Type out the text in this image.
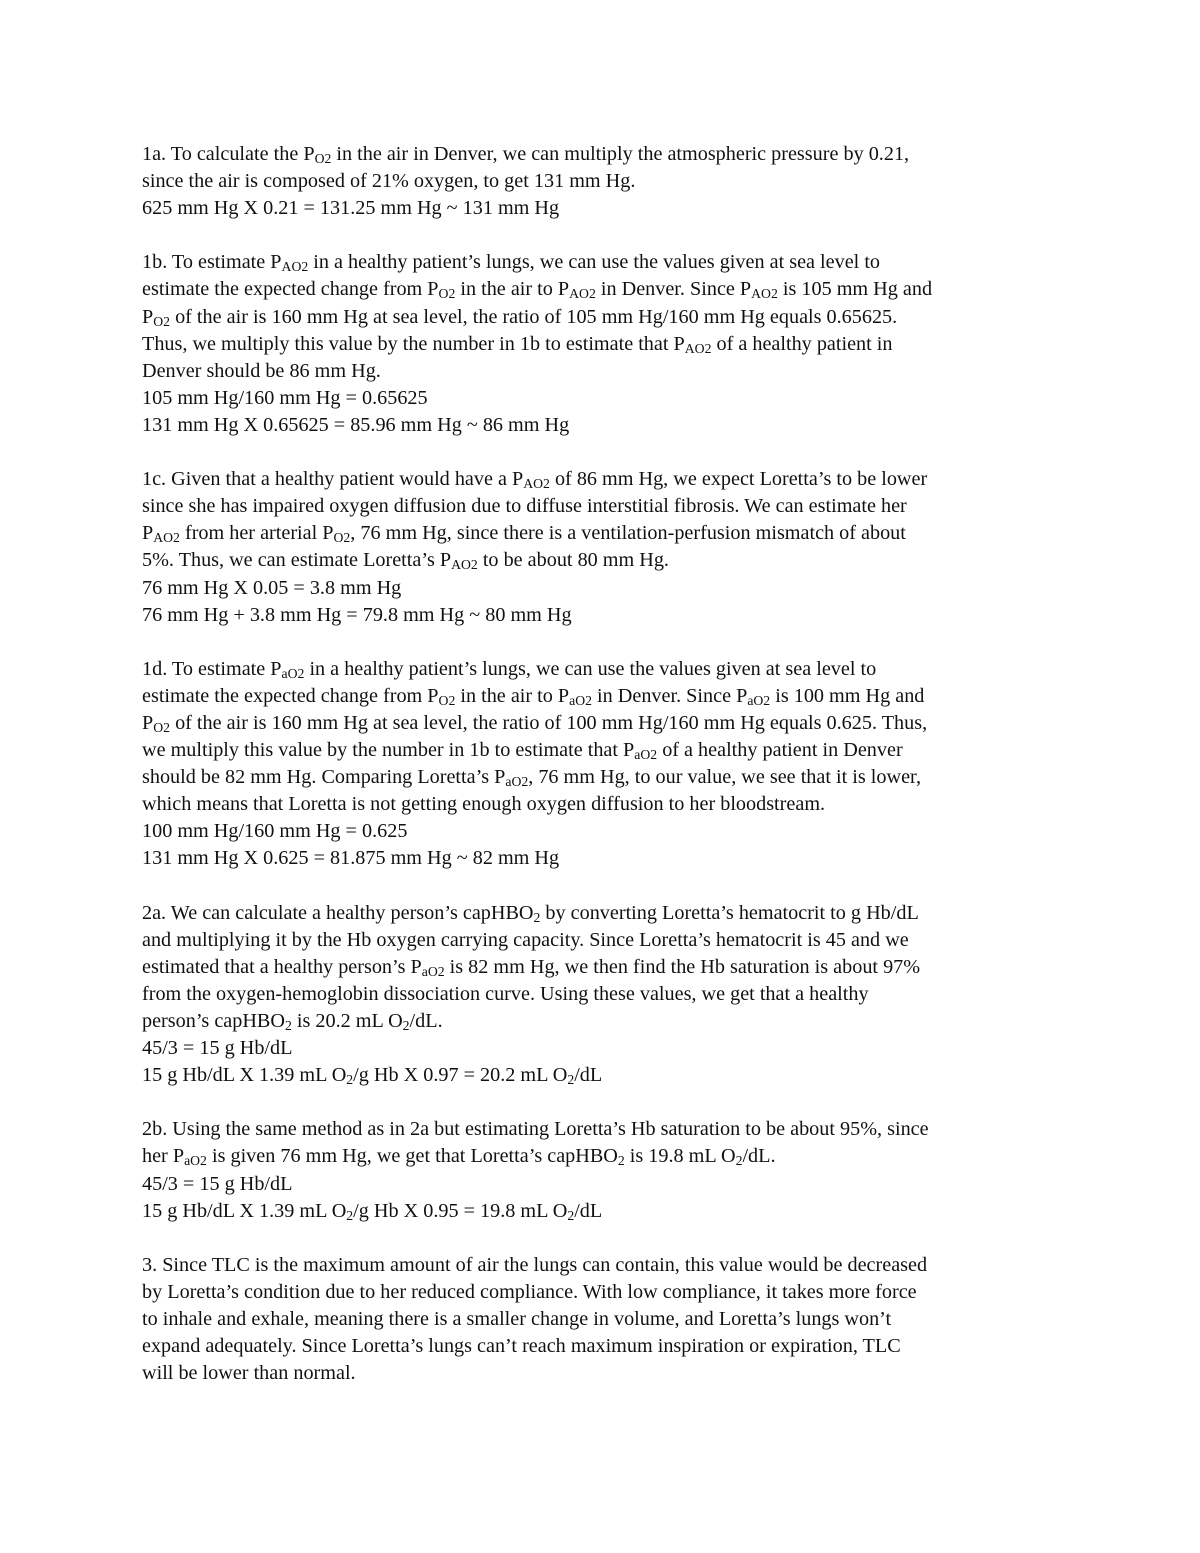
1a. To calculate the $P_{O2}$ in the air in Denver, we can multiply the atmospheric pressure by 0.21,
since the air is composed of 21% oxygen, to get 131 mm Hg.
625 mm Hg X 0.21 = 131.25 mm Hg ~ 131 mm Hg
1b. To estimate $P_{AO2}$ in a healthy patient’s lungs, we can use the values given at sea level to
estimate the expected change from $P_{O2}$ in the air to $P_{AO2}$ in Denver. Since $P_{AO2}$ is 105 mm Hg and
$P_{O2}$ of the air is 160 mm Hg at sea level, the ratio of 105 mm Hg/160 mm Hg equals 0.65625.
Thus, we multiply this value by the number in 1b to estimate that $P_{AO2}$ of a healthy patient in
Denver should be 86 mm Hg.
105 mm Hg/160 mm Hg = 0.65625
131 mm Hg X 0.65625 = 85.96 mm Hg ~ 86 mm Hg
1c. Given that a healthy patient would have a $P_{AO2}$ of 86 mm Hg, we expect Loretta’s to be lower
since she has impaired oxygen diffusion due to diffuse interstitial fibrosis. We can estimate her
$P_{AO2}$ from her arterial $P_{O2}$, 76 mm Hg, since there is a ventilation-perfusion mismatch of about
5%. Thus, we can estimate Loretta’s $P_{AO2}$ to be about 80 mm Hg.
76 mm Hg X 0.05 = 3.8 mm Hg
76 mm Hg + 3.8 mm Hg = 79.8 mm Hg ~ 80 mm Hg
1d. To estimate $P_{aO2}$ in a healthy patient’s lungs, we can use the values given at sea level to
estimate the expected change from $P_{O2}$ in the air to $P_{aO2}$ in Denver. Since $P_{aO2}$ is 100 mm Hg and
$P_{O2}$ of the air is 160 mm Hg at sea level, the ratio of 100 mm Hg/160 mm Hg equals 0.625. Thus,
we multiply this value by the number in 1b to estimate that $P_{aO2}$ of a healthy patient in Denver
should be 82 mm Hg. Comparing Loretta’s $P_{aO2}$, 76 mm Hg, to our value, we see that it is lower,
which means that Loretta is not getting enough oxygen diffusion to her bloodstream.
100 mm Hg/160 mm Hg = 0.625
131 mm Hg X 0.625 = 81.875 mm Hg ~ 82 mm Hg
2a. We can calculate a healthy person’s capHBO$_2$ by converting Loretta’s hematocrit to g Hb/dL
and multiplying it by the Hb oxygen carrying capacity. Since Loretta’s hematocrit is 45 and we
estimated that a healthy person’s $P_{aO2}$ is 82 mm Hg, we then find the Hb saturation is about 97%
from the oxygen-hemoglobin dissociation curve. Using these values, we get that a healthy
person’s capHBO$_2$ is 20.2 mL $O_2/dL$.
45/3 = 15 g Hb/dL
15 g Hb/dL X 1.39 mL $O_2/g$ Hb X 0.97 = 20.2 mL $O_2/dL$
2b. Using the same method as in 2a but estimating Loretta’s Hb saturation to be about 95%, since
her $P_{aO2}$ is given 76 mm Hg, we get that Loretta’s capHBO$_2$ is 19.8 mL $O_2/dL$.
45/3 = 15 g Hb/dL
15 g Hb/dL X 1.39 mL $O_2/g$ Hb X 0.95 = 19.8 mL $O_2/dL$
3. Since TLC is the maximum amount of air the lungs can contain, this value would be decreased
by Loretta’s condition due to her reduced compliance. With low compliance, it takes more force
to inhale and exhale, meaning there is a smaller change in volume, and Loretta’s lungs won’t
expand adequately. Since Loretta’s lungs can’t reach maximum inspiration or expiration, TLC
will be lower than normal.
